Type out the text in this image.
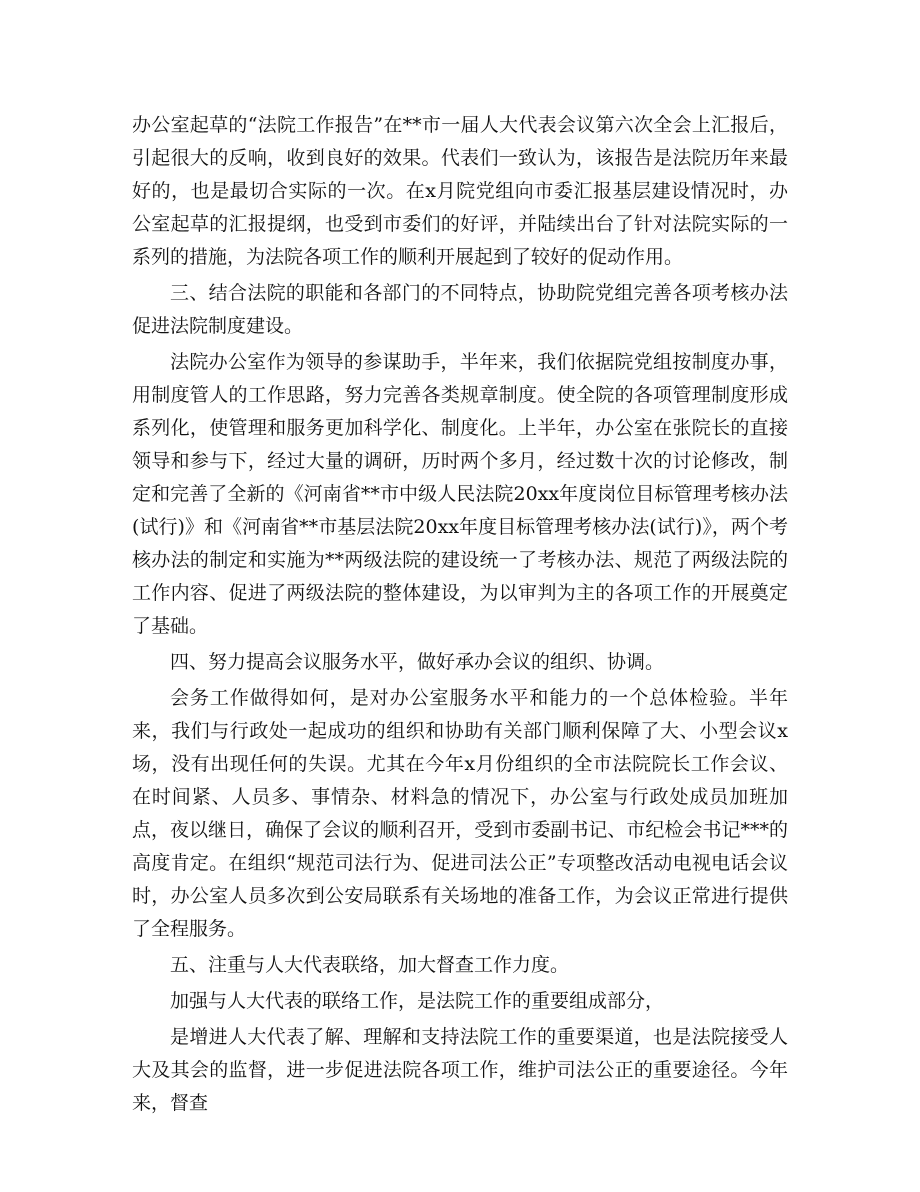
办公室起草的“法院工作报告”在**市一届人大代表会议第六次全会上汇报后，引起很大的反响，收到良好的效果。代表们一致认为，该报告是法院历年来最好的，也是最切合实际的一次。在x月院党组向市委汇报基层建设情况时，办公室起草的汇报提纲，也受到市委们的好评，并陆续出台了针对法院实际的一系列的措施，为法院各项工作的顺利开展起到了较好的促动作用。

三、结合法院的职能和各部门的不同特点，协助院党组完善各项考核办法促进法院制度建设。

法院办公室作为领导的参谋助手，半年来，我们依据院党组按制度办事，用制度管人的工作思路，努力完善各类规章制度。使全院的各项管理制度形成系列化，使管理和服务更加科学化、制度化。上半年，办公室在张院长的直接领导和参与下，经过大量的调研，历时两个多月，经过数十次的讨论修改，制定和完善了全新的《河南省**市中级人民法院20xx年度岗位目标管理考核办法(试行)》和《河南省**市基层法院20xx年度目标管理考核办法(试行)》，两个考核办法的制定和实施为**两级法院的建设统一了考核办法、规范了两级法院的工作内容、促进了两级法院的整体建设，为以审判为主的各项工作的开展奠定了基础。

四、努力提高会议服务水平，做好承办会议的组织、协调。

会务工作做得如何，是对办公室服务水平和能力的一个总体检验。半年来，我们与行政处一起成功的组织和协助有关部门顺利保障了大、小型会议x场，没有出现任何的失误。尤其在今年x月份组织的全市法院院长工作会议、在时间紧、人员多、事情杂、材料急的情况下，办公室与行政处成员加班加点，夜以继日，确保了会议的顺利召开，受到市委副书记、市纪检会书记***的高度肯定。在组织“规范司法行为、促进司法公正”专项整改活动电视电话会议时，办公室人员多次到公安局联系有关场地的准备工作，为会议正常进行提供了全程服务。

五、注重与人大代表联络，加大督查工作力度。

加强与人大代表的联络工作，是法院工作的重要组成部分，

是增进人大代表了解、理解和支持法院工作的重要渠道，也是法院接受人大及其会的监督，进一步促进法院各项工作，维护司法公正的重要途径。今年来，督查
